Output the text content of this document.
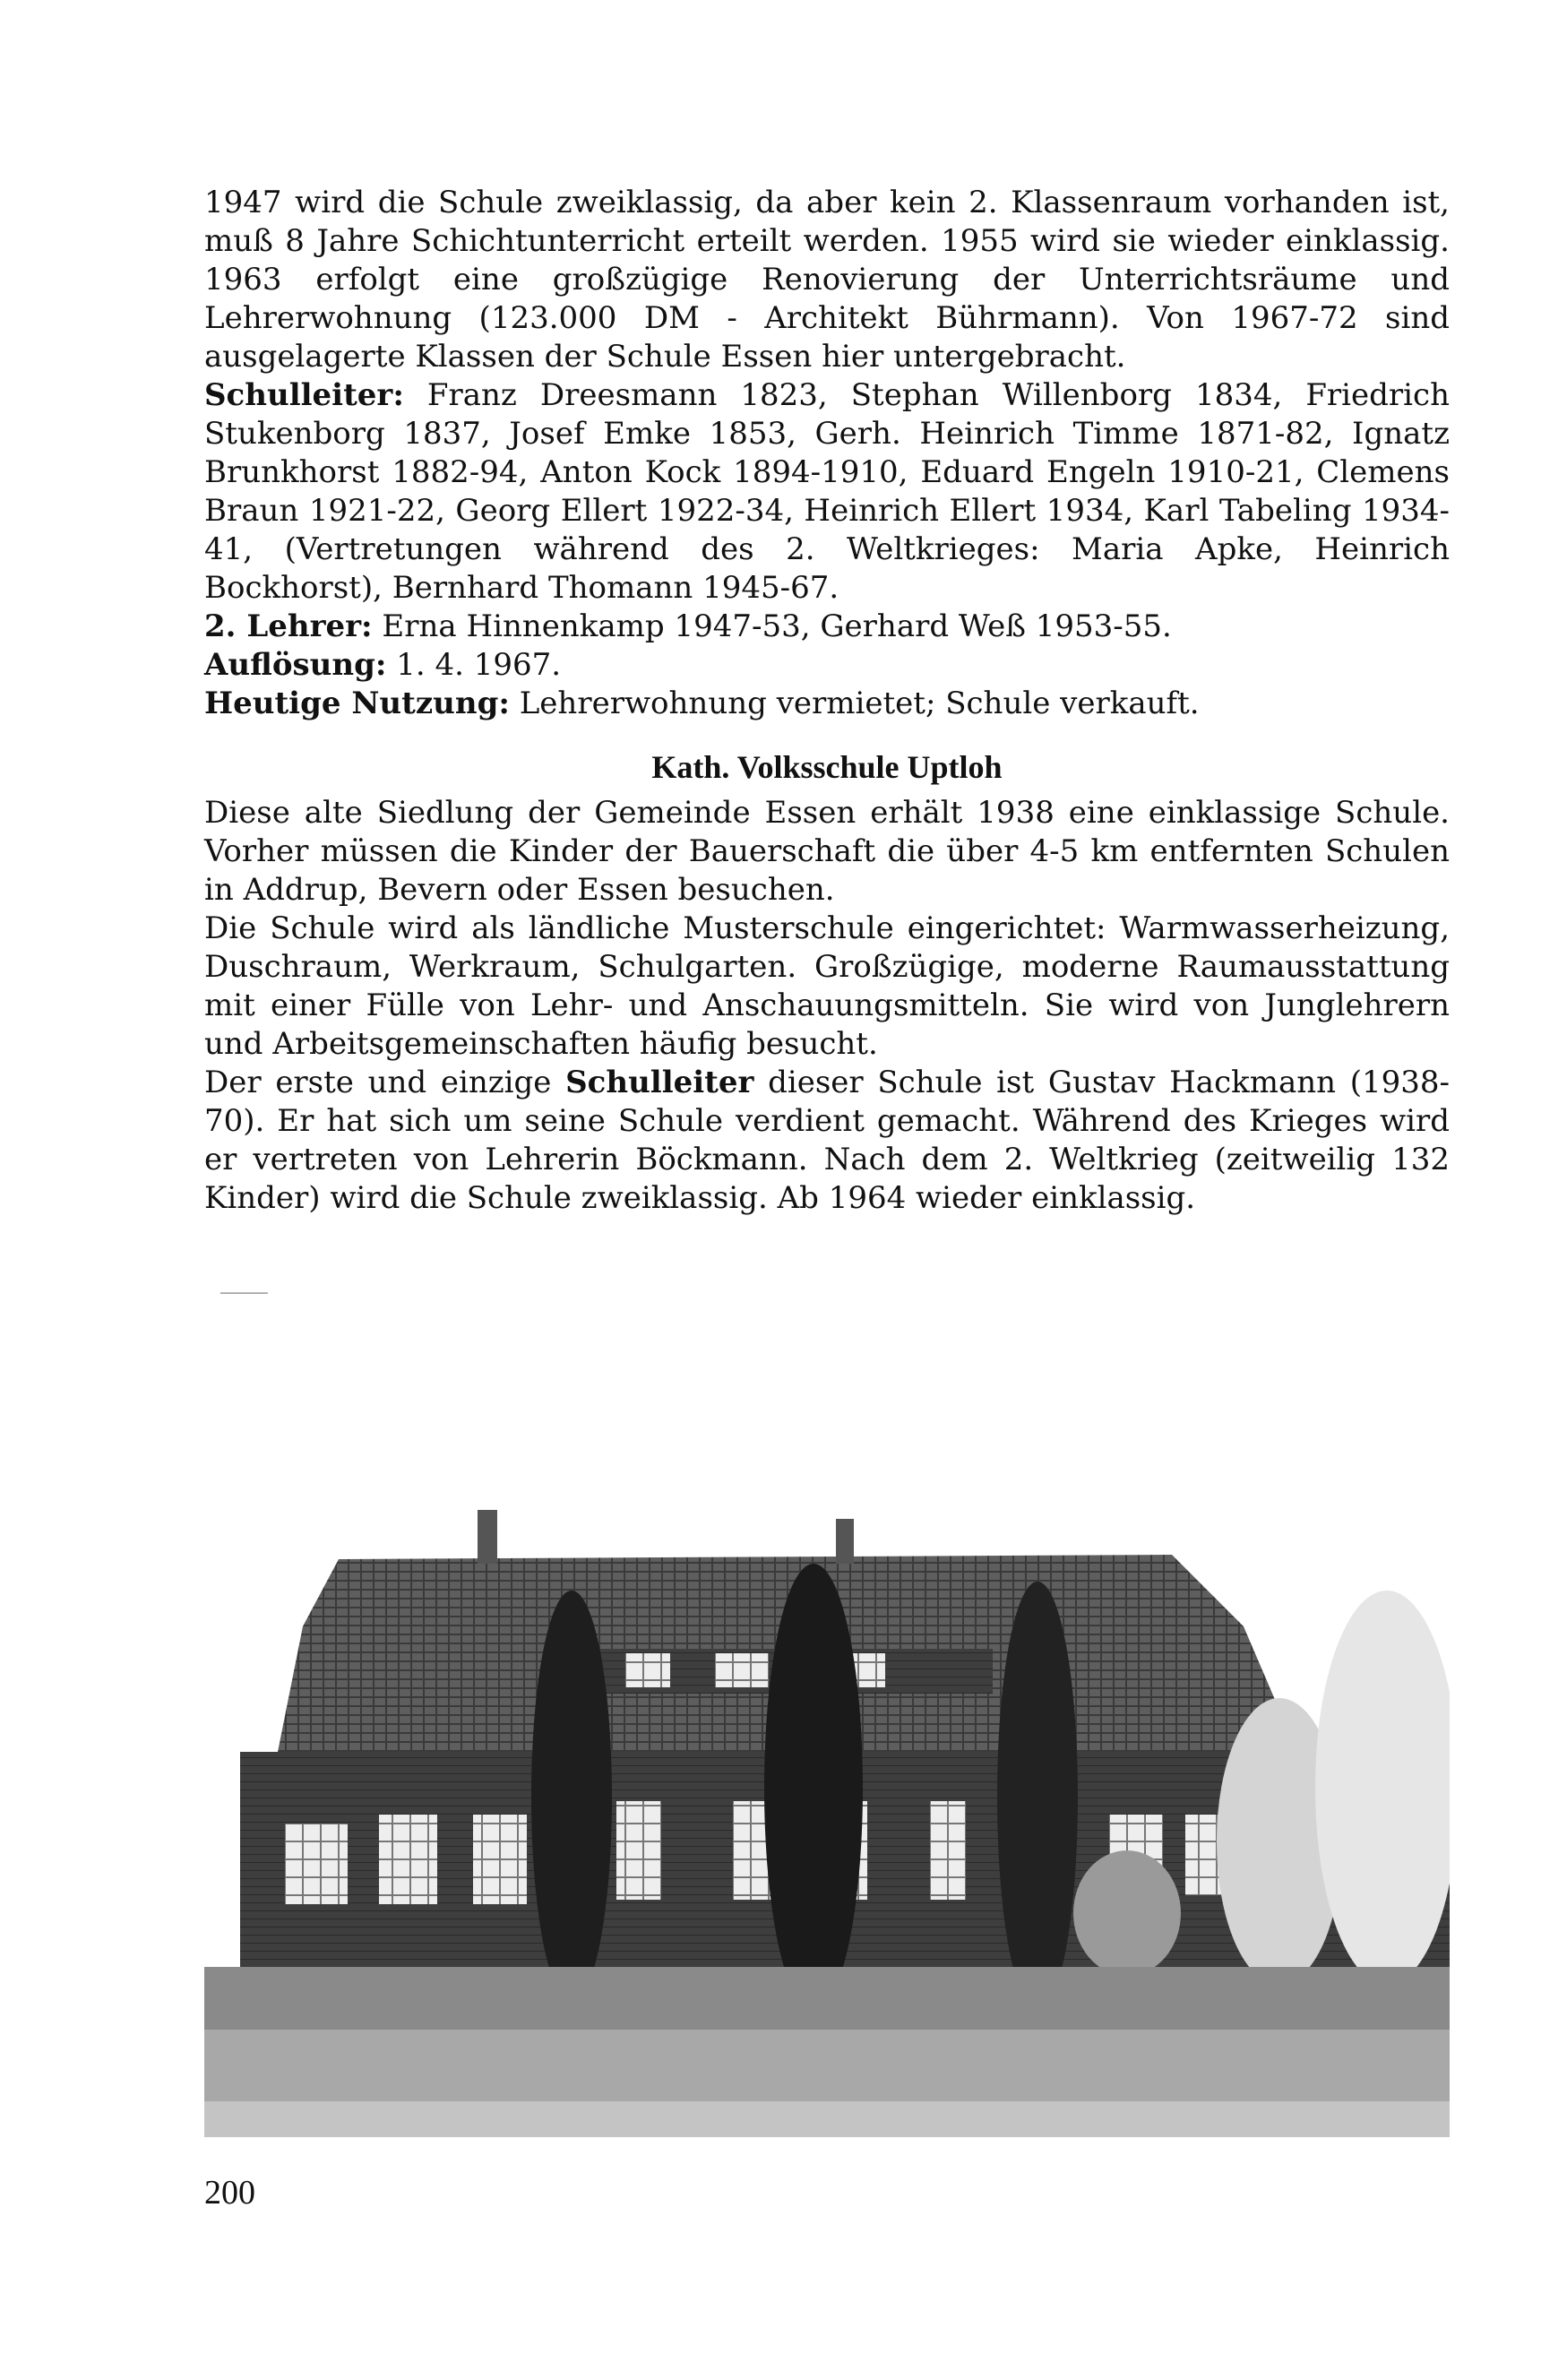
1947 wird die Schule zweiklassig, da aber kein 2. Klassenraum vorhanden ist, muß 8 Jahre Schichtunterricht erteilt werden. 1955 wird sie wieder einklassig. 1963 erfolgt eine großzügige Renovierung der Unterrichtsräume und Lehrerwohnung (123.000 DM - Architekt Bührmann). Von 1967-72 sind ausgelagerte Klassen der Schule Essen hier untergebracht.

Schulleiter: Franz Dreesmann 1823, Stephan Willenborg 1834, Friedrich Stukenborg 1837, Josef Emke 1853, Gerh. Heinrich Timme 1871-82, Ignatz Brunkhorst 1882-94, Anton Kock 1894-1910, Eduard Engeln 1910-21, Clemens Braun 1921-22, Georg Ellert 1922-34, Heinrich Ellert 1934, Karl Tabeling 1934-41, (Vertretungen während des 2. Weltkrieges: Maria Apke, Heinrich Bockhorst), Bernhard Thomann 1945-67.

2. Lehrer: Erna Hinnenkamp 1947-53, Gerhard Weß 1953-55.

Auflösung: 1. 4. 1967.

Heutige Nutzung: Lehrerwohnung vermietet; Schule verkauft.

Kath. Volksschule Uptloh

Diese alte Siedlung der Gemeinde Essen erhält 1938 eine einklassige Schule. Vorher müssen die Kinder der Bauerschaft die über 4-5 km entfernten Schulen in Addrup, Bevern oder Essen besuchen.

Die Schule wird als ländliche Musterschule eingerichtet: Warmwasserheizung, Duschraum, Werkraum, Schulgarten. Großzügige, moderne Raumausstattung mit einer Fülle von Lehr- und Anschauungsmitteln. Sie wird von Junglehrern und Arbeitsgemeinschaften häufig besucht.

Der erste und einzige Schulleiter dieser Schule ist Gustav Hackmann (1938-70). Er hat sich um seine Schule verdient gemacht. Während des Krieges wird er vertreten von Lehrerin Böckmann. Nach dem 2. Weltkrieg (zeitweilig 132 Kinder) wird die Schule zweiklassig. Ab 1964 wieder einklassig.

⸻
200
